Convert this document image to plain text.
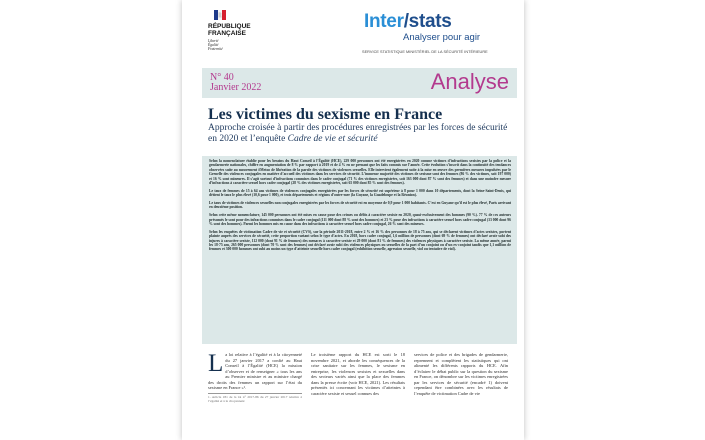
RÉPUBLIQUE
FRANÇAISE
Liberté
Égalité
Fraternité
Inter/stats
Analyser pour agir
SERVICE STATISTIQUE MINISTÉRIEL DE LA SÉCURITÉ INTÉRIEURE
N° 40
Janvier 2022	Analyse
Les victimes du sexisme en France
Approche croisée à partir des procédures enregistrées par les forces de sécurité en 2020 et l’enquête Cadre de vie et sécurité

Selon la nomenclature établie pour les besoins du Haut Conseil à l’Égalité (HCE), 229 000 personnes ont été enregistrées en 2020 comme victimes d’infractions sexistes par la police et la gendarmerie nationales, chiffre en augmentation de 8 % par rapport à 2019 et de 4 % en ne prenant que les faits commis sur l’année. Cette évolution s’inscrit dans la continuité des tendances observées suite au mouvement #Metoo de libération de la parole des victimes de violences sexuelles. Elle intervient également suite à la mise en œuvre des premières mesures impulsées par le Grenelle des violences conjugales en matière d’accueil des victimes dans les services de sécurité. L’immense majorité des victimes de sexisme sont des femmes (86 % des victimes, soit 197 000) et 16 % sont mineures. Il s’agit surtout d’infractions commises dans le cadre conjugal (71 % des victimes enregistrées, soit 163 000 dont 87 % sont des femmes) et dans une moindre mesure d’infractions à caractère sexuel hors cadre conjugal (28 % des victimes enregistrées, soit 65 000 dont 85 % sont des femmes).

Le taux de femmes de 15 à 64 ans victimes de violences conjugales enregistrées par les forces de sécurité est supérieur à 8 pour 1 000 dans 10 départements, dont la Seine-Saint-Denis, qui détient le taux le plus élevé (10,6 pour 1 000), et trois départements et régions d’outre-mer (la Guyane, la Guadeloupe et la Réunion).

Le taux de victimes de violences sexuelles non conjugales enregistrées par les forces de sécurité est en moyenne de 0,9 pour 1 000 habitants. C’est en Guyane qu’il est le plus élevé, Paris arrivant en deuxième position.

Selon cette même nomenclature, 145 000 personnes ont été mises en cause pour des crimes ou délits à caractère sexiste en 2020, quasi-exclusivement des hommes (90 %). 77 % de ces auteurs présumés le sont pour des infractions commises dans le cadre conjugal (111 000 dont 88 % sont des hommes) et 23 % pour des infractions à caractère sexuel hors cadre conjugal (33 000 dont 96 % sont des hommes). Parmi les hommes mis en cause dans des infractions à caractère sexuel hors cadre conjugal, 26 % sont des mineurs.

Selon les enquêtes de victimation Cadre de vie et sécurité (CVS), sur la période 2011-2018, entre 2 % et 16 % des personnes de 18 à 75 ans, qui se déclarent victimes d’actes sexistes, portent plainte auprès des services de sécurité, cette proportion variant selon le type d’actes. En 2018, hors cadre conjugal, 1,6 million de personnes (dont 69 % de femmes) ont déclaré avoir subi des injures à caractère sexiste, 112 000 (dont 91 % de femmes) des menaces à caractère sexiste et 29 000 (dont 81 % de femmes) des violences physiques à caractère sexiste. La même année, parmi les 18-75 ans, 265 000 personnes (dont 70 % sont des femmes) ont déclaré avoir subi des violences physiques ou sexuelles de la part d’un conjoint ou d’un ex-conjoint tandis que 1,1 million de femmes et 300 000 hommes ont subi au moins un type d’atteinte sexuelle hors cadre conjugal (exhibition sexuelle, agression sexuelle, viol ou tentative de viol).

La loi relative à l’égalité et à la citoyenneté du 27 janvier 2017 a confié au Haut Conseil à l’Égalité (HCE) la mission d’observer et de renseigner « tous les ans au Premier ministre et au ministre chargé des droits des femmes un rapport sur l’état du sexisme en France »¹.
1. Article 181 de la loi n° 2017-86 du 27 janvier 2017 relative à l’égalité et à la citoyenneté
Le troisième rapport du HCE est sorti le 18 novembre 2021, et aborde les conséquences de la crise sanitaire sur les femmes, le sexisme en entreprise, les violences sexistes et sexuelles dans des secteurs variés ainsi que la place des femmes dans la presse écrite (voir HCE, 2021). Les résultats présentés ici concernant les victimes d’atteintes à caractère sexiste et sexuel connues des
services de police et des brigades de gendarmerie, reprennent et complètent les statistiques qui ont alimenté les différents rapports du HCE. Afin d’éclairer le débat public sur la question du sexisme en France, on dénombre sur les victimes enregistrées par les services de sécurité (encadré 1) doivent cependant être combinées avec les résultats de l’enquête de victimation Cadre de vie
